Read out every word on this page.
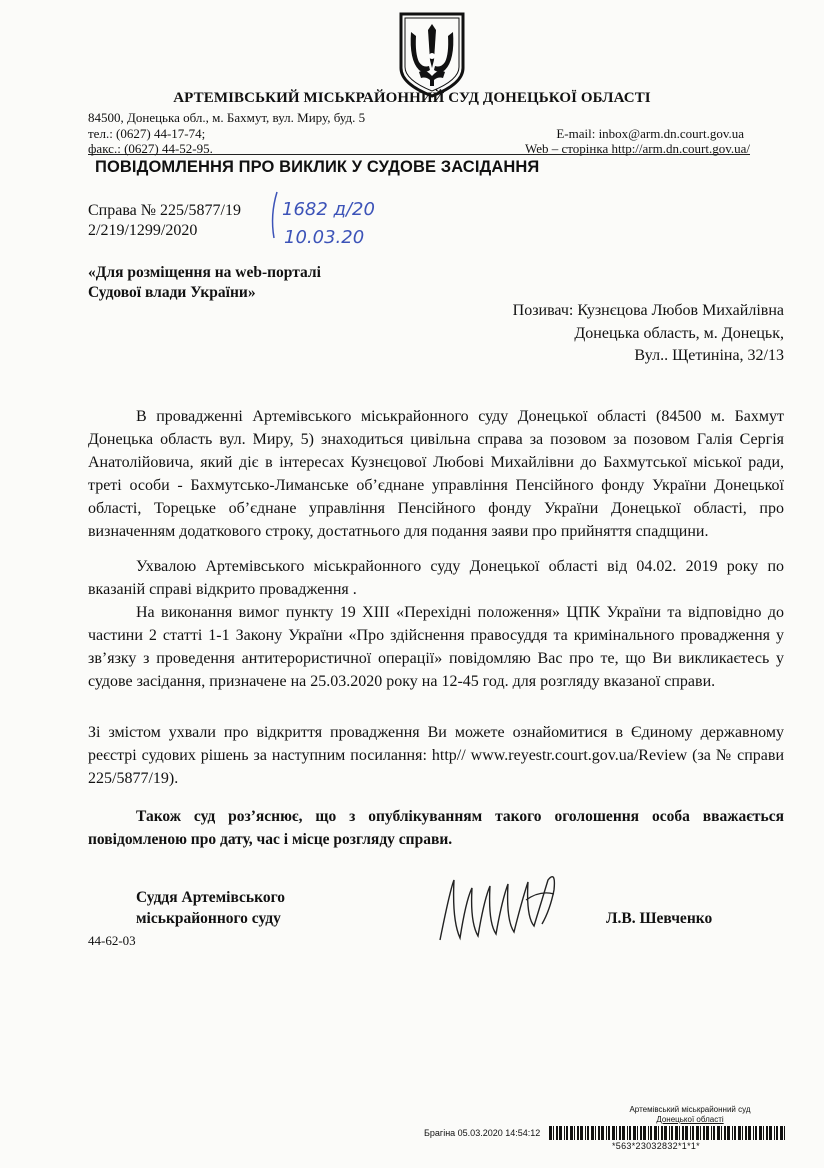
АРТЕМІВСЬКИЙ МІСЬКРАЙОННИЙ СУД ДОНЕЦЬКОЇ ОБЛАСТІ
84500, Донецька обл., м. Бахмут, вул. Миру, буд. 5
тел.: (0627) 44-17-74;
факс.: (0627) 44-52-95.
E-mail: inbox@arm.dn.court.gov.ua
Web – сторінка http://arm.dn.court.gov.ua/
ПОВІДОМЛЕННЯ ПРО ВИКЛИК У СУДОВЕ ЗАСІДАННЯ
Справа № 225/5877/19
2/219/1299/2020
1682 д/20
10.03.20
«Для розміщення на web-порталі
Судової влади України»
Позивач: Кузнєцова Любов Михайлівна
Донецька область, м. Донецьк,
Вул.. Щетиніна, 32/13
В провадженні Артемівського міськрайонного суду Донецької області (84500 м. Бахмут Донецька область вул. Миру, 5) знаходиться цивільна справа за позовом за позовом Галія Сергія Анатолійовича, який діє в інтересах Кузнєцової Любові Михайлівни до Бахмутської міської ради, треті особи - Бахмутсько-Лиманське об’єднане управління Пенсійного фонду України Донецької області, Торецьке об’єднане управління Пенсійного фонду України Донецької області, про визначенням додаткового строку, достатнього для подання заяви про прийняття спадщини.
Ухвалою Артемівського міськрайонного суду Донецької області від 04.02. 2019 року по вказаній справі відкрито провадження .
На виконання вимог пункту 19 XIII «Перехідні положення» ЦПК України та відповідно до частини 2 статті 1-1 Закону України «Про здійснення правосуддя та кримінального провадження у зв’язку з проведення антитерористичної операції» повідомляю Вас про те, що Ви викликаєтесь у судове засідання, призначене на 25.03.2020 року на 12-45 год. для розгляду вказаної справи.
Зі змістом ухвали про відкриття провадження Ви можете ознайомитися в Єдиному державному реєстрі судових рішень за наступним посилання: http// www.reyestr.court.gov.ua/Review (за № справи 225/5877/19).
Також суд роз’яснює, що з опублікуванням такого оголошення особа вважається повідомленою про дату, час і місце розгляду справи.
Суддя Артемівського
міськрайонного суду
44-62-03
Л.В. Шевченко
Артемівський міськрайонний суд
Донецької області
Брагіна 05.03.2020 14:54:12
*563*23032832*1*1*
